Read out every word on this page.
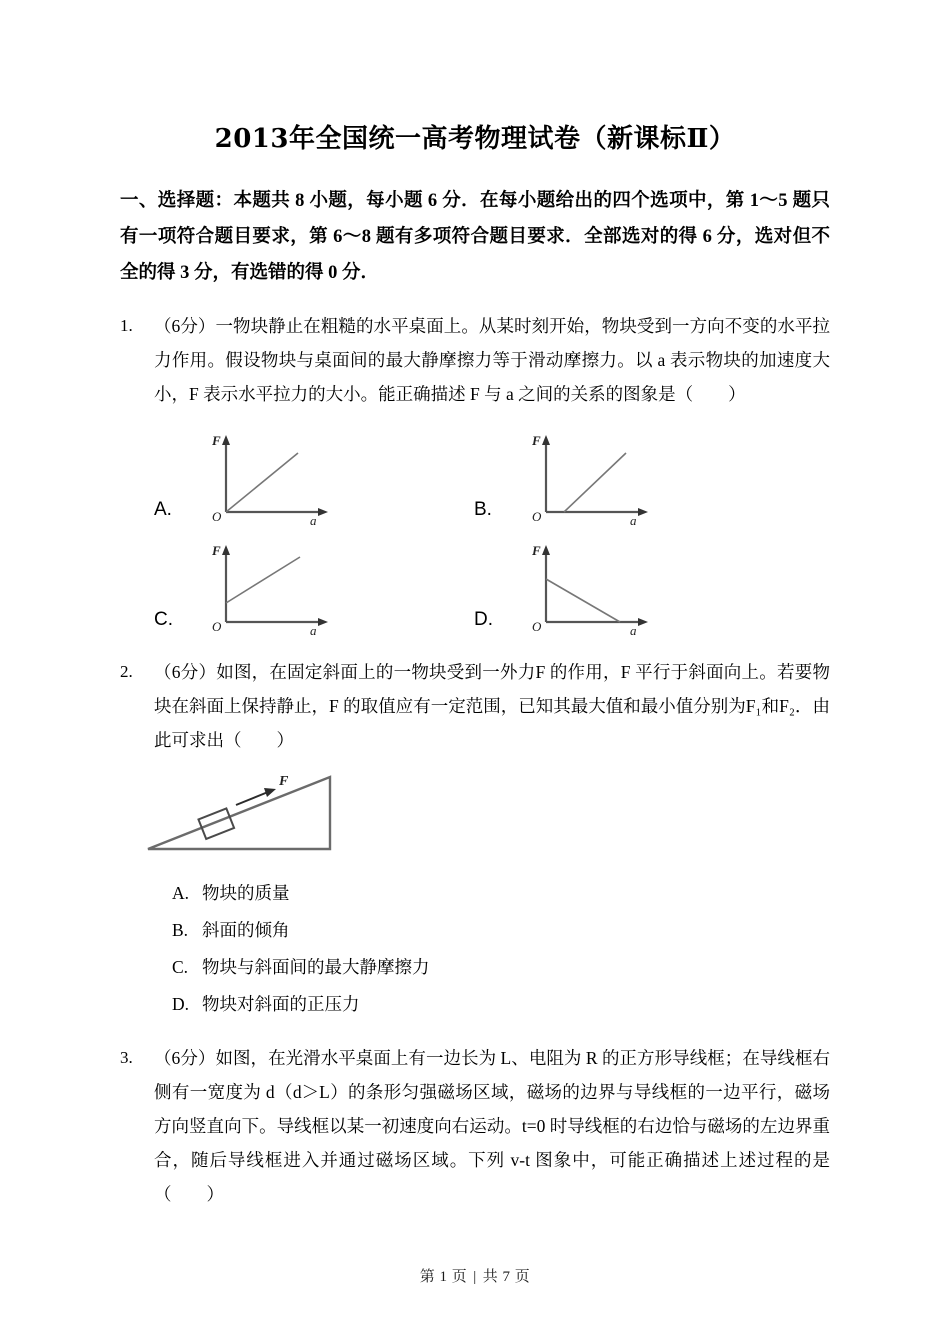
2013年全国统一高考物理试卷（新课标Ⅱ）
一、选择题：本题共 8 小题，每小题 6 分．在每小题给出的四个选项中，第 1～5 题只有一项符合题目要求，第 6～8 题有多项符合题目要求．全部选对的得 6 分，选对但不全的得 3 分，有选错的得 0 分．
1.	（6分）一物块静止在粗糙的水平桌面上。从某时刻开始，物块受到一方向不变的水平拉力作用。假设物块与桌面间的最大静摩擦力等于滑动摩擦力。以 a 表示物块的加速度大小，F 表示水平拉力的大小。能正确描述 F 与 a 之间的关系的图象是（　　）
A.
F
a
O	B.
F
a
O
C.
F
a
O	D.
F
a
O
2.	（6分）如图，在固定斜面上的一物块受到一外力F 的作用，F 平行于斜面向上。若要物块在斜面上保持静止，F 的取值应有一定范围，已知其最大值和最小值分别为F₁和F₂．由此可求出（　　）
F
A. 物块的质量
B. 斜面的倾角
C. 物块与斜面间的最大静摩擦力
D. 物块对斜面的正压力
3.	（6分）如图，在光滑水平桌面上有一边长为 L、电阻为 R 的正方形导线框；在导线框右侧有一宽度为 d（d＞L）的条形匀强磁场区域，磁场的边界与导线框的一边平行，磁场方向竖直向下。导线框以某一初速度向右运动。t=0 时导线框的右边恰与磁场的左边界重合，随后导线框进入并通过磁场区域。下列 v‑t 图象中，可能正确描述上述过程的是（　　）
第 1 页 | 共 7 页
